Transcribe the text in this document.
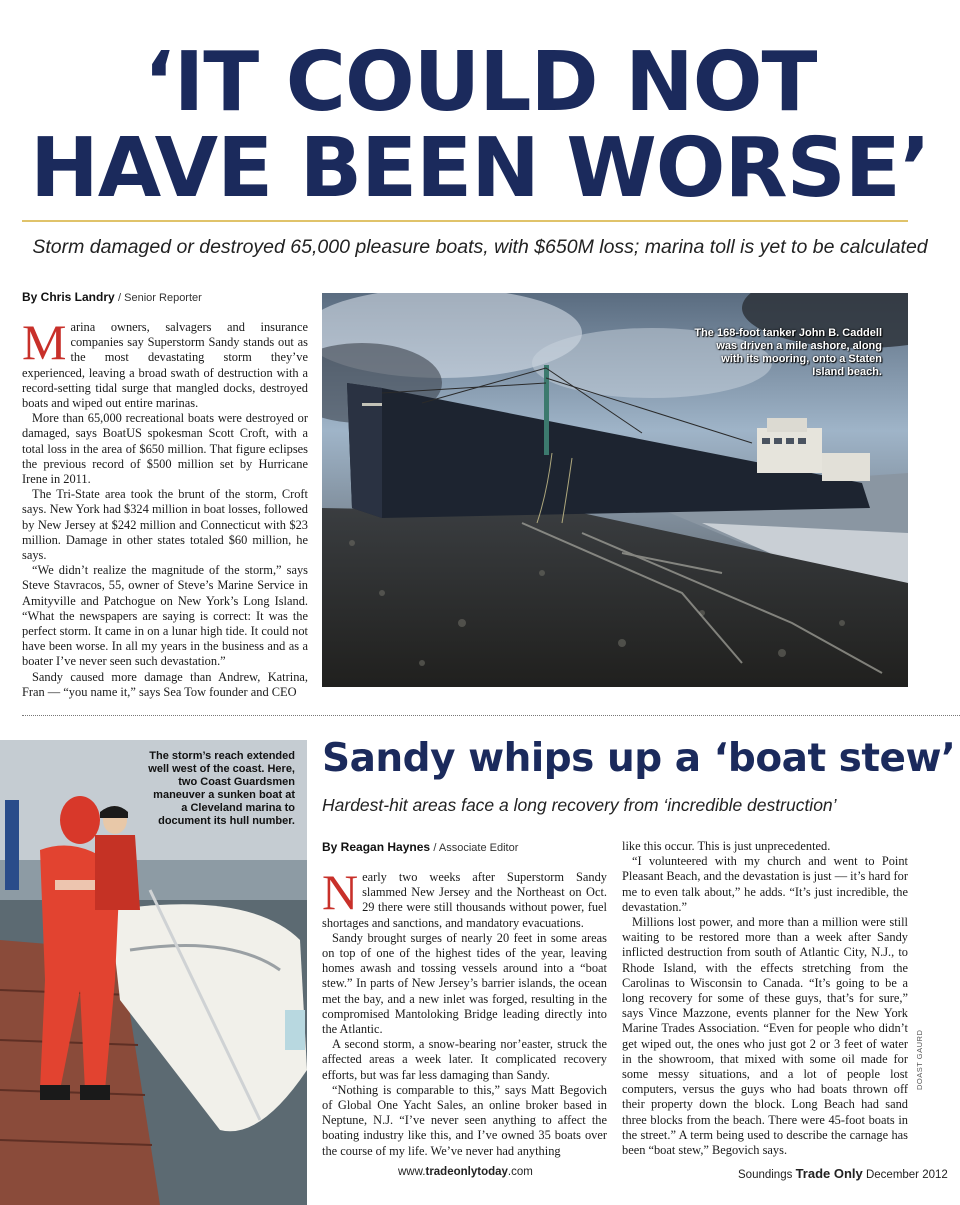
‘IT COULD NOT
HAVE BEEN WORSE’
Storm damaged or destroyed 65,000 pleasure boats, with $650M loss; marina toll is yet to be calculated
By Chris Landry / Senior Reporter

Marina owners, salvagers and insurance companies say Superstorm Sandy stands out as the most devastating storm they’ve experienced, leaving a broad swath of destruction with a record-setting tidal surge that mangled docks, destroyed boats and wiped out entire marinas.

More than 65,000 recreational boats were destroyed or damaged, says BoatUS spokesman Scott Croft, with a total loss in the area of $650 million. That figure eclipses the previous record of $500 million set by Hurricane Irene in 2011.

The Tri-State area took the brunt of the storm, Croft says. New York had $324 million in boat losses, followed by New Jersey at $242 million and Connecticut with $23 million. Damage in other states totaled $60 million, he says.

“We didn’t realize the magnitude of the storm,” says Steve Stavracos, 55, owner of Steve’s Marine Service in Amityville and Patchogue on New York’s Long Island. “What the newspapers are saying is correct: It was the perfect storm. It came in on a lunar high tide. It could not have been worse. In all my years in the business and as a boater I’ve never seen such devastation.”

Sandy caused more damage than Andrew, Katrina, Fran — “you name it,” says Sea Tow founder and CEO

The 168-foot tanker John B. Caddell was driven a mile ashore, along with its mooring, onto a Staten Island beach.
The storm’s reach extended well west of the coast. Here, two Coast Guardsmen maneuver a sunken boat at a Cleveland marina to document its hull number.
Sandy whips up a ‘boat stew’
Hardest-hit areas face a long recovery from ‘incredible destruction’
By Reagan Haynes / Associate Editor

Nearly two weeks after Superstorm Sandy slammed New Jersey and the Northeast on Oct. 29 there were still thousands without power, fuel shortages and sanctions, and mandatory evacuations.

Sandy brought surges of nearly 20 feet in some areas on top of one of the highest tides of the year, leaving homes awash and tossing vessels around into a “boat stew.” In parts of New Jersey’s barrier islands, the ocean met the bay, and a new inlet was forged, resulting in the compromised Mantoloking Bridge leading directly into the Atlantic.

A second storm, a snow-bearing nor’easter, struck the affected areas a week later. It complicated recovery efforts, but was far less damaging than Sandy.

“Nothing is comparable to this,” says Matt Begovich of Global One Yacht Sales, an online broker based in Neptune, N.J. “I’ve never seen anything to affect the boating industry like this, and I’ve owned 35 boats over the course of my life. We’ve never had anything

like this occur. This is just unprecedented.

“I volunteered with my church and went to Point Pleasant Beach, and the devastation is just — it’s hard for me to even talk about,” he adds. “It’s just incredible, the devastation.”

Millions lost power, and more than a million were still waiting to be restored more than a week after Sandy inflicted destruction from south of Atlantic City, N.J., to Rhode Island, with the effects stretching from the Carolinas to Wisconsin to Canada. “It’s going to be a long recovery for some of these guys, that’s for sure,” says Vince Mazzone, events planner for the New York Marine Trades Association. “Even for people who didn’t get wiped out, the ones who just got 2 or 3 feet of water in the showroom, that mixed with some oil made for some messy situations, and a lot of people lost computers, versus the guys who had boats thrown off their property down the block. Long Beach had sand three blocks from the beach. There were 45-foot boats in the street.” A term being used to describe the carnage has been “boat stew,” Begovich says.

DOAST GAURD
www.tradeonlytoday.com	Soundings Trade Only December 2012
